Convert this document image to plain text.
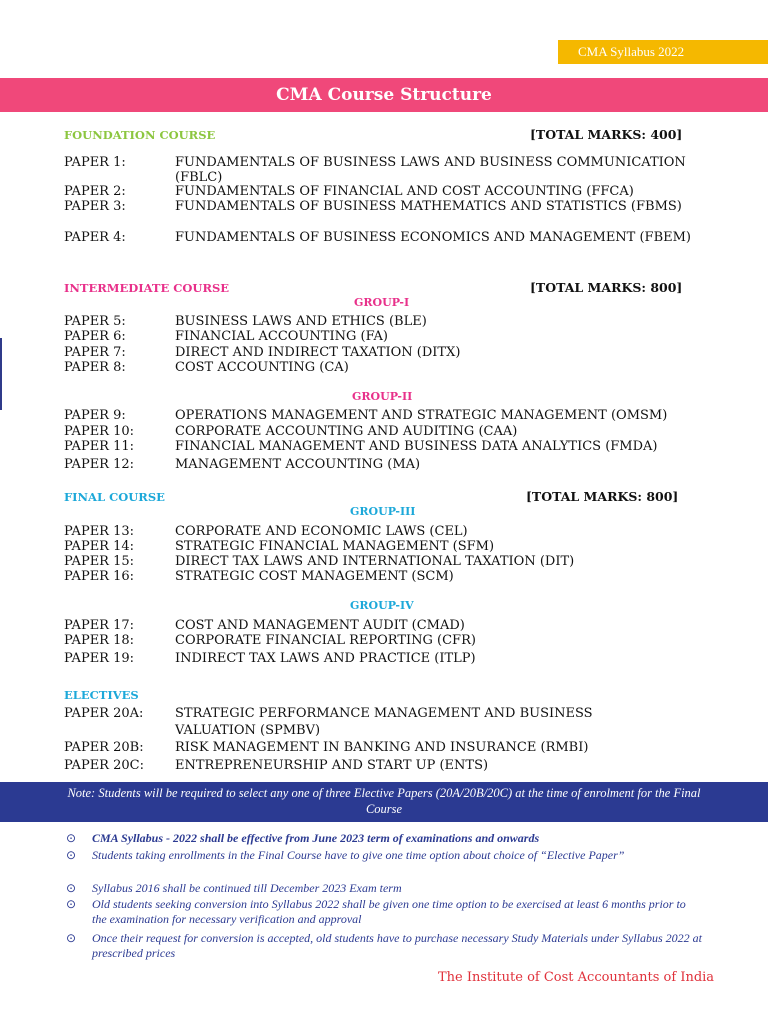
CMA Syllabus 2022
CMA Course Structure
FOUNDATION COURSE	[TOTAL MARKS: 400]
PAPER 1:	FUNDAMENTALS OF BUSINESS LAWS AND BUSINESS COMMUNICATION (FBLC)
PAPER 2:	FUNDAMENTALS OF FINANCIAL AND COST ACCOUNTING (FFCA)
PAPER 3:	FUNDAMENTALS OF BUSINESS MATHEMATICS AND STATISTICS (FBMS)
PAPER 4:	FUNDAMENTALS OF BUSINESS ECONOMICS AND MANAGEMENT (FBEM)
INTERMEDIATE COURSE	[TOTAL MARKS: 800]
GROUP-I
PAPER 5:	BUSINESS LAWS AND ETHICS (BLE)
PAPER 6:	FINANCIAL ACCOUNTING (FA)
PAPER 7:	DIRECT AND INDIRECT TAXATION (DITX)
PAPER 8:	COST ACCOUNTING (CA)
GROUP-II
PAPER 9:	OPERATIONS MANAGEMENT AND STRATEGIC MANAGEMENT (OMSM)
PAPER 10:	CORPORATE ACCOUNTING AND AUDITING (CAA)
PAPER 11:	FINANCIAL MANAGEMENT AND BUSINESS DATA ANALYTICS (FMDA)
PAPER 12:	MANAGEMENT ACCOUNTING (MA)
FINAL COURSE	[TOTAL MARKS: 800]
GROUP-III
PAPER 13:	CORPORATE AND ECONOMIC LAWS (CEL)
PAPER 14:	STRATEGIC FINANCIAL MANAGEMENT (SFM)
PAPER 15:	DIRECT TAX LAWS AND INTERNATIONAL TAXATION (DIT)
PAPER 16:	STRATEGIC COST MANAGEMENT (SCM)
GROUP-IV
PAPER 17:	COST AND MANAGEMENT AUDIT (CMAD)
PAPER 18:	CORPORATE FINANCIAL REPORTING (CFR)
PAPER 19:	INDIRECT TAX LAWS AND PRACTICE (ITLP)
ELECTIVES
PAPER 20A:	STRATEGIC PERFORMANCE MANAGEMENT AND BUSINESS VALUATION (SPMBV)
PAPER 20B:	RISK MANAGEMENT IN BANKING AND INSURANCE (RMBI)
PAPER 20C:	ENTREPRENEURSHIP AND START UP (ENTS)
Note: Students will be required to select any one of three Elective Papers (20A/20B/20C) at the time of enrolment for the Final Course
⊙	CMA Syllabus - 2022 shall be effective from June 2023 term of examinations and onwards
⊙	Students taking enrollments in the Final Course have to give one time option about choice of “Elective Paper”
⊙	Syllabus 2016 shall be continued till December 2023 Exam term
⊙	Old students seeking conversion into Syllabus 2022 shall be given one time option to be exercised at least 6 months prior to the examination for necessary verification and approval
⊙	Once their request for conversion is accepted, old students have to purchase necessary Study Materials under Syllabus 2022 at prescribed prices
The Institute of Cost Accountants of India
